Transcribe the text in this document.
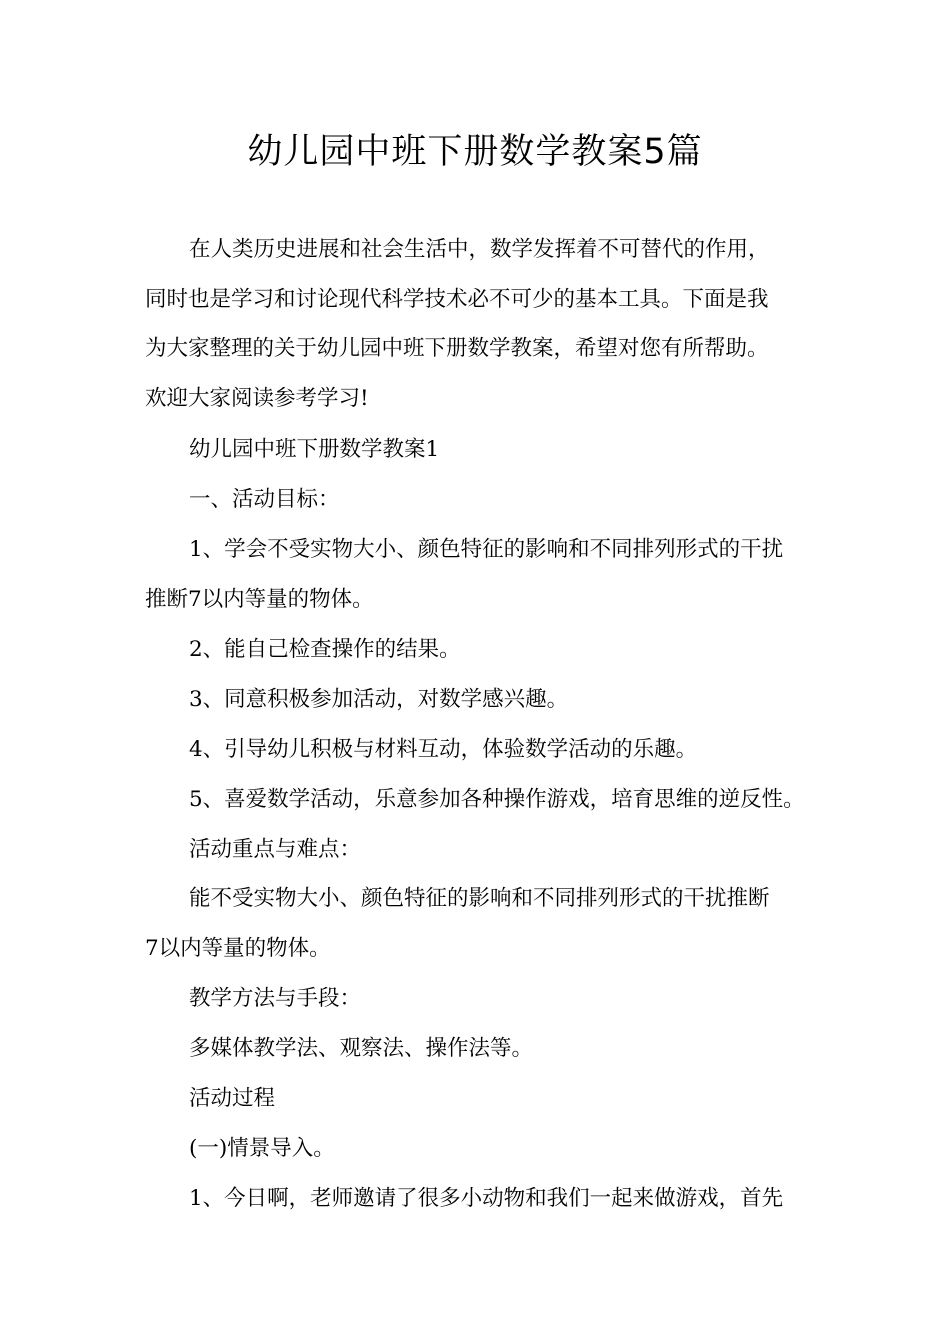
幼儿园中班下册数学教案5篇

在人类历史进展和社会生活中，数学发挥着不可替代的作用，

同时也是学习和讨论现代科学技术必不可少的基本工具。下面是我

为大家整理的关于幼儿园中班下册数学教案，希望对您有所帮助。

欢迎大家阅读参考学习!

幼儿园中班下册数学教案1

一、活动目标：

1、学会不受实物大小、颜色特征的影响和不同排列形式的干扰

推断7以内等量的物体。

2、能自己检查操作的结果。

3、同意积极参加活动，对数学感兴趣。

4、引导幼儿积极与材料互动，体验数学活动的乐趣。

5、喜爱数学活动，乐意参加各种操作游戏，培育思维的逆反性。

活动重点与难点：

能不受实物大小、颜色特征的影响和不同排列形式的干扰推断

7以内等量的物体。

教学方法与手段：

多媒体教学法、观察法、操作法等。

活动过程

(一)情景导入。

1、今日啊，老师邀请了很多小动物和我们一起来做游戏，首先
